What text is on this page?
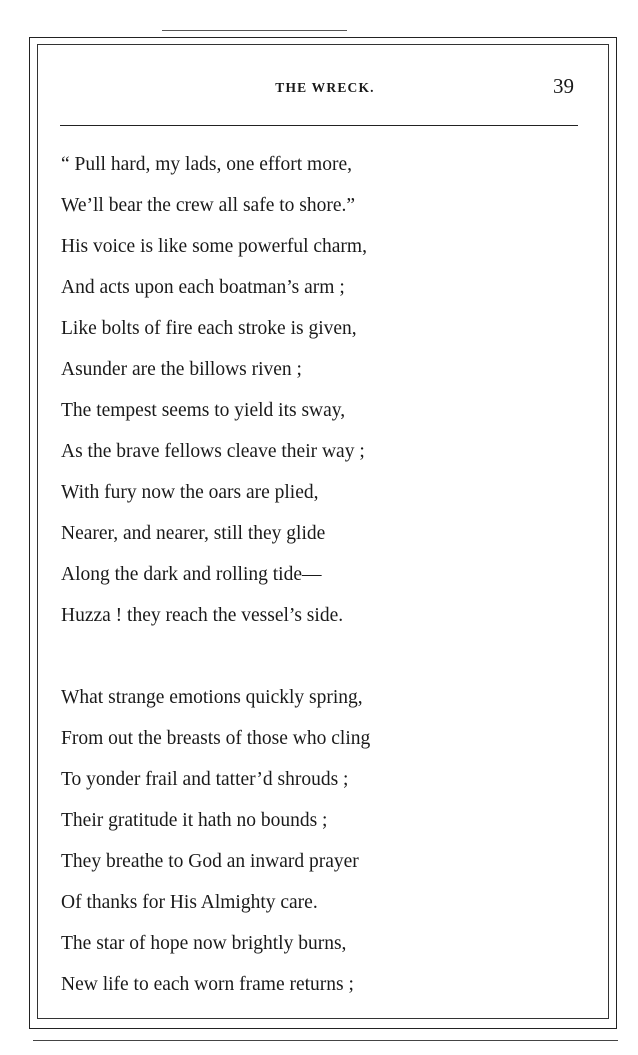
THE WRECK.	39
“ Pull hard, my lads, one effort more,
We’ll bear the crew all safe to shore.”
His voice is like some powerful charm,
And acts upon each boatman’s arm ;
Like bolts of fire each stroke is given,
Asunder are the billows riven ;
The tempest seems to yield its sway,
As the brave fellows cleave their way ;
With fury now the oars are plied,
Nearer, and nearer, still they glide
Along the dark and rolling tide—
Huzza ! they reach the vessel’s side.
What strange emotions quickly spring,
From out the breasts of those who cling
To yonder frail and tatter’d shrouds ;
Their gratitude it hath no bounds ;
They breathe to God an inward prayer
Of thanks for His Almighty care.
The star of hope now brightly burns,
New life to each worn frame returns ;
